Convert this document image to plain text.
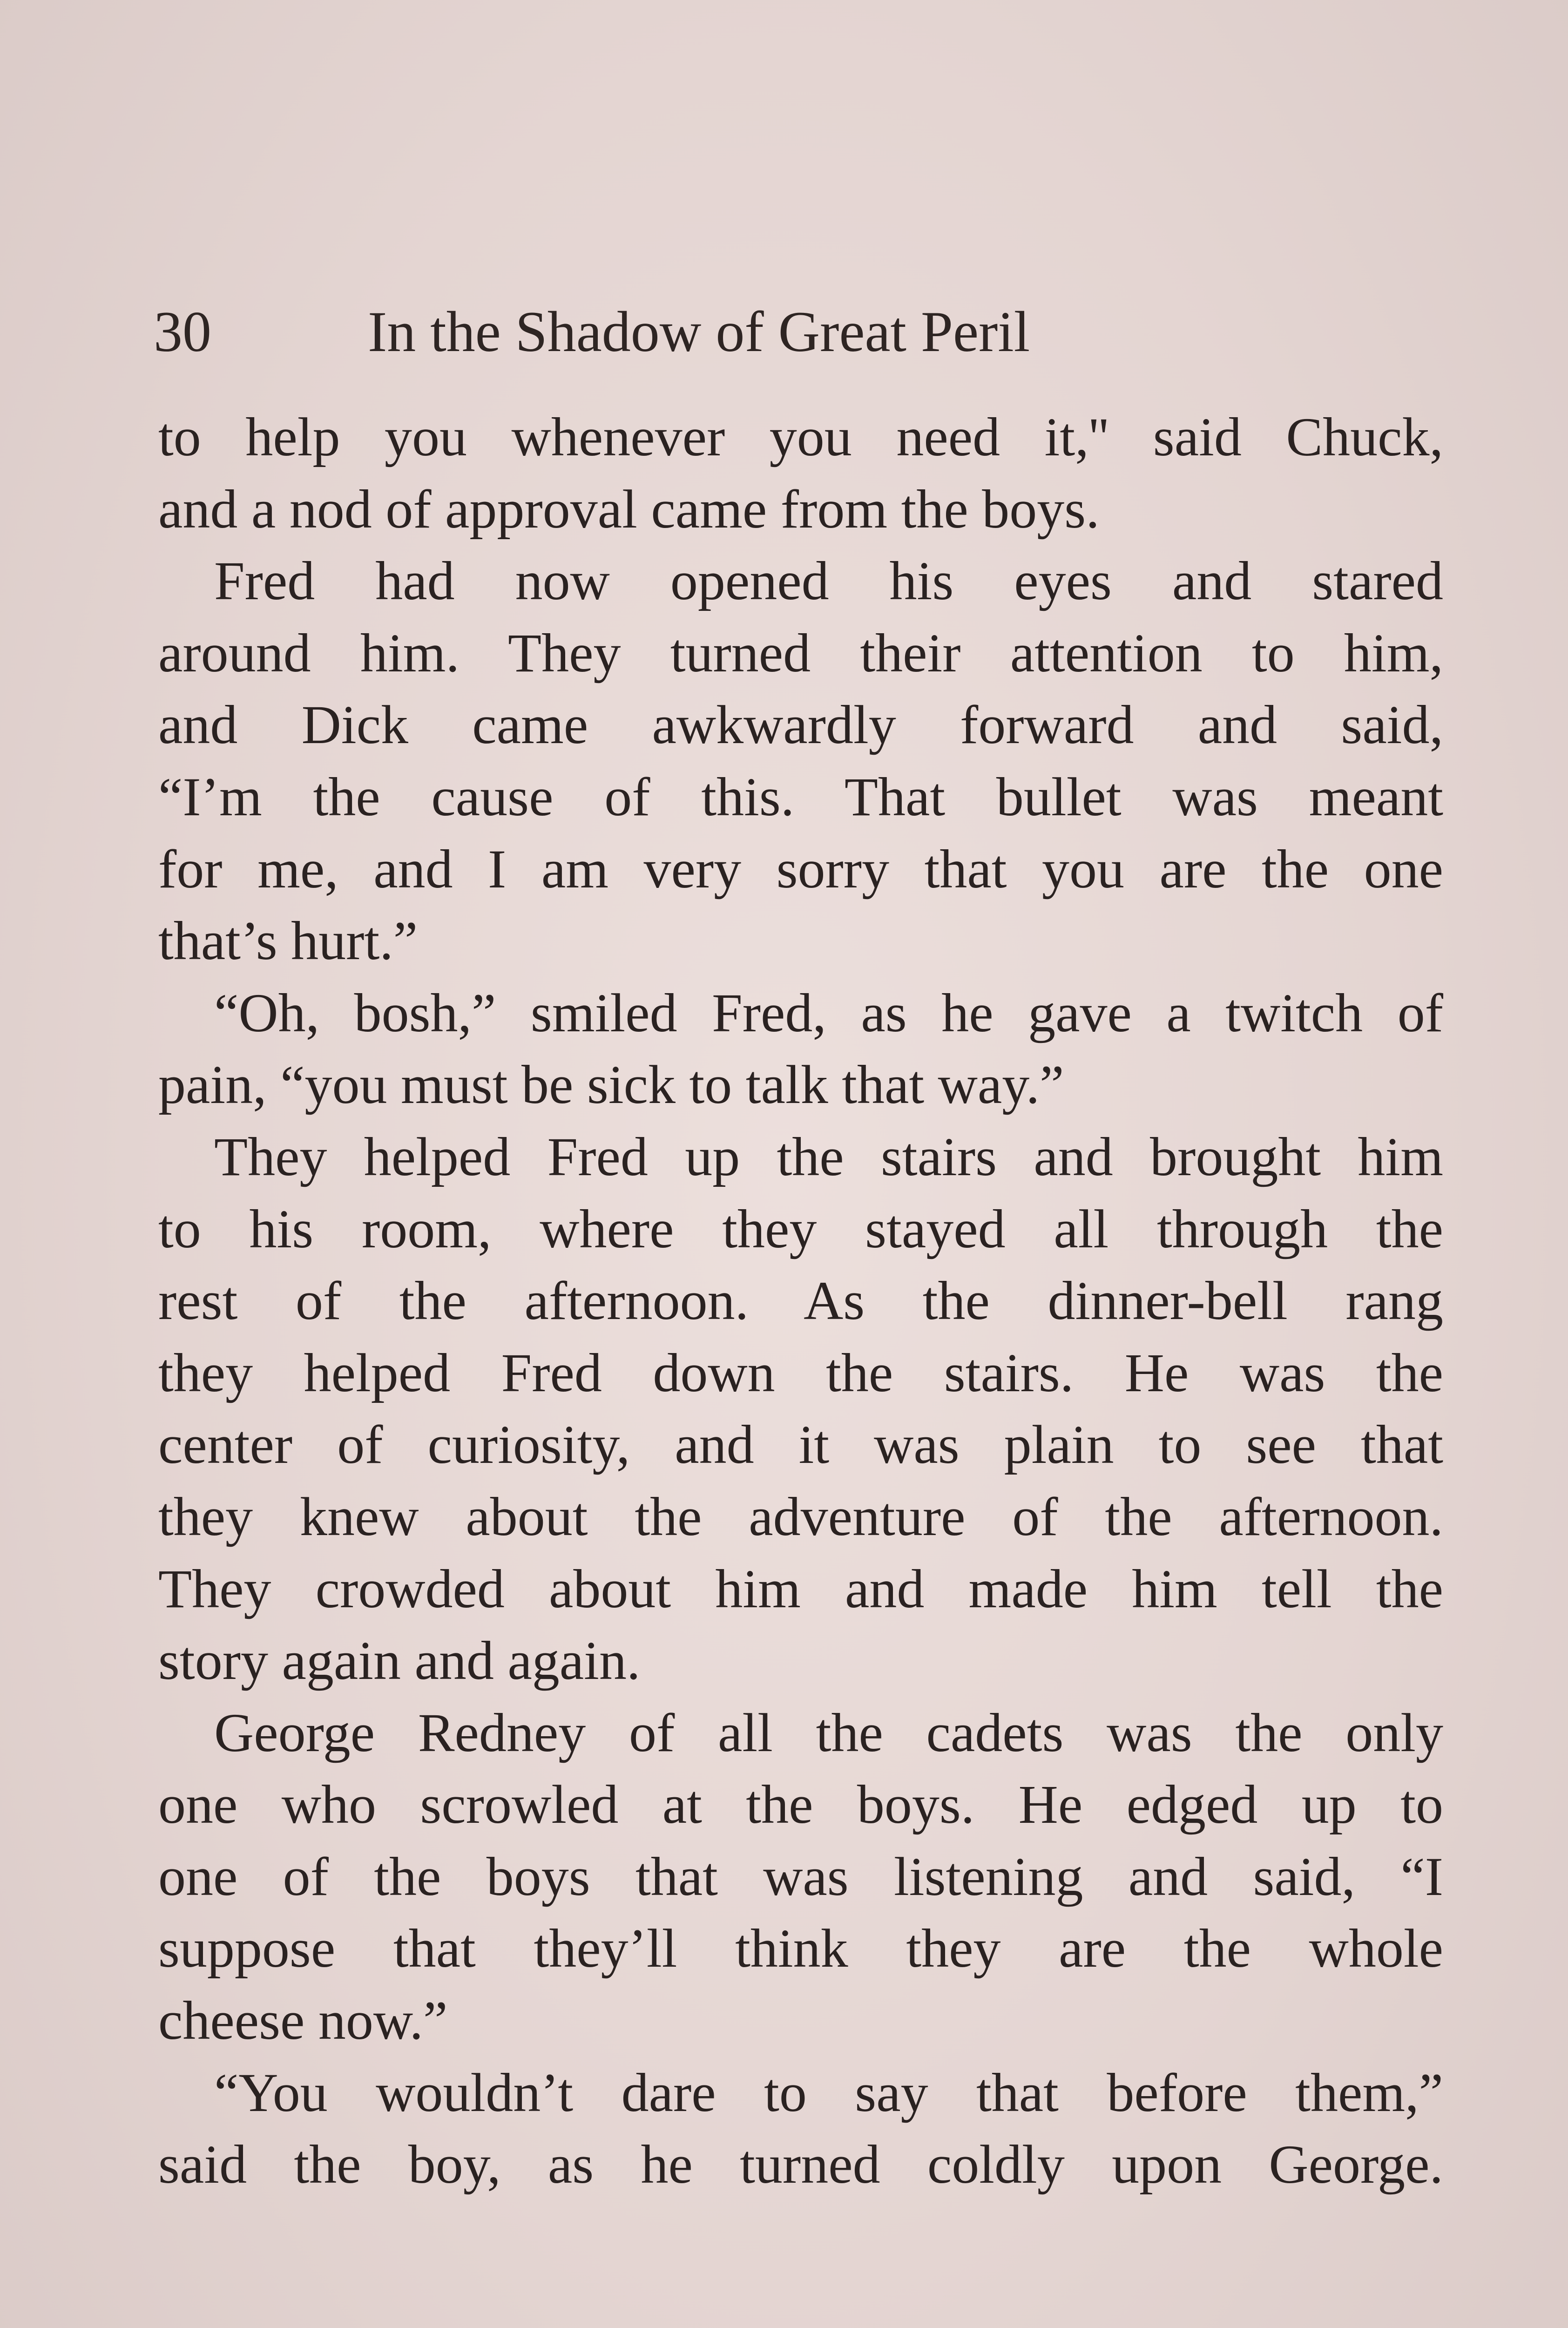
30	In the Shadow of Great Peril
to help you whenever you need it,'' said Chuck,
and a nod of approval came from the boys.
Fred had now opened his eyes and stared
around him. They turned their attention to him,
and Dick came awkwardly forward and said,
“I’m the cause of this. That bullet was meant
for me, and I am very sorry that you are the one
that’s hurt.”
“Oh, bosh,” smiled Fred, as he gave a twitch of
pain, “you must be sick to talk that way.”
They helped Fred up the stairs and brought him
to his room, where they stayed all through the
rest of the afternoon. As the dinner-bell rang
they helped Fred down the stairs. He was the
center of curiosity, and it was plain to see that
they knew about the adventure of the afternoon.
They crowded about him and made him tell the
story again and again.
George Redney of all the cadets was the only
one who scrowled at the boys. He edged up to
one of the boys that was listening and said, “I
suppose that they’ll think they are the whole
cheese now.”
“You wouldn’t dare to say that before them,”
said the boy, as he turned coldly upon George.
